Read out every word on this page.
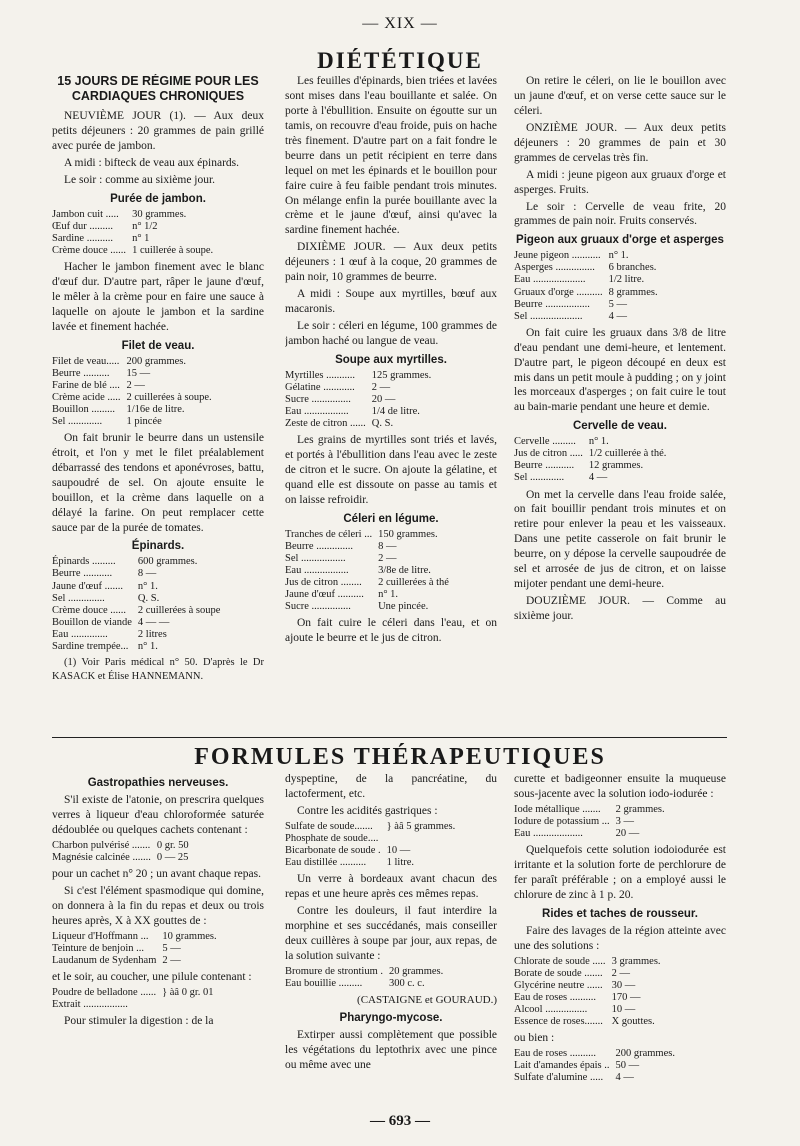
— XIX —
DIÉTÉTIQUE
15 JOURS DE RÉGIME POUR LES CARDIAQUES CHRONIQUES

NEUVIÈME JOUR (1). — Aux deux petits déjeuners : 20 grammes de pain grillé avec purée de jambon.

A midi : bifteck de veau aux épinards.

Le soir : comme au sixième jour.

Purée de jambon.
Jambon cuit .....	30 grammes.
Œuf dur .........	n° 1/2
Sardine ..........	n° 1
Crème douce ......	1 cuillerée à soupe.

Hacher le jambon finement avec le blanc d'œuf dur. D'autre part, râper le jaune d'œuf, le mêler à la crème pour en faire une sauce à laquelle on ajoute le jambon et la sardine lavée et finement hachée.

Filet de veau.
Filet de veau.....	200 grammes.
Beurre ..........	15 —
Farine de blé ....	2 —
Crème acide .....	2 cuillerées à soupe.
Bouillon .........	1/16e de litre.
Sel .............	1 pincée

On fait brunir le beurre dans un ustensile étroit, et l'on y met le filet préalablement débarrassé des tendons et aponévroses, battu, saupoudré de sel. On ajoute ensuite le bouillon, et la crème dans laquelle on a délayé la farine. On peut remplacer cette sauce par de la purée de tomates.

Épinards.
Épinards .........	600 grammes.
Beurre ...........	8 —
Jaune d'œuf .......	n° 1.
Sel ..............	Q. S.
Crème douce ......	2 cuillerées à soupe
Bouillon de viande	4 — —
Eau ..............	2 litres
Sardine trempée...	n° 1.

(1) Voir Paris médical n° 50. D'après le Dr KASACK et Élise HANNEMANN.

Les feuilles d'épinards, bien triées et lavées sont mises dans l'eau bouillante et salée. On porte à l'ébullition. Ensuite on égoutte sur un tamis, on recouvre d'eau froide, puis on hache très finement. D'autre part on a fait fondre le beurre dans un petit récipient en terre dans lequel on met les épinards et le bouillon pour faire cuire à feu faible pendant trois minutes. On mélange enfin la purée bouillante avec la crème et le jaune d'œuf, ainsi qu'avec la sardine finement hachée.

DIXIÈME JOUR. — Aux deux petits déjeuners : 1 œuf à la coque, 20 grammes de pain noir, 10 grammes de beurre.

A midi : Soupe aux myrtilles, bœuf aux macaronis.

Le soir : céleri en légume, 100 grammes de jambon haché ou langue de veau.

Soupe aux myrtilles.
Myrtilles ...........	125 grammes.
Gélatine ............	2 —
Sucre ...............	20 —
Eau .................	1/4 de litre.
Zeste de citron ......	Q. S.

Les grains de myrtilles sont triés et lavés, et portés à l'ébullition dans l'eau avec le zeste de citron et le sucre. On ajoute la gélatine, et quand elle est dissoute on passe au tamis et on laisse refroidir.

Céleri en légume.
Tranches de céleri ...	150 grammes.
Beurre ..............	8 —
Sel .................	2 —
Eau .................	3/8e de litre.
Jus de citron ........	2 cuillerées à thé
Jaune d'œuf ..........	n° 1.
Sucre ...............	Une pincée.

On fait cuire le céleri dans l'eau, et on ajoute le beurre et le jus de citron.

On retire le céleri, on lie le bouillon avec un jaune d'œuf, et on verse cette sauce sur le céleri.

ONZIÈME JOUR. — Aux deux petits déjeuners : 20 grammes de pain et 30 grammes de cervelas très fin.

A midi : jeune pigeon aux gruaux d'orge et asperges. Fruits.

Le soir : Cervelle de veau frite, 20 grammes de pain noir. Fruits conservés.

Pigeon aux gruaux d'orge et asperges
Jeune pigeon ...........	n° 1.
Asperges ...............	6 branches.
Eau ....................	1/2 litre.
Gruaux d'orge ..........	8 grammes.
Beurre .................	5 —
Sel ....................	4 —

On fait cuire les gruaux dans 3/8 de litre d'eau pendant une demi-heure, et lentement. D'autre part, le pigeon découpé en deux est mis dans un petit moule à pudding ; on y joint les morceaux d'asperges ; on fait cuire le tout au bain-marie pendant une heure et demie.

Cervelle de veau.
Cervelle .........	n° 1.
Jus de citron .....	1/2 cuillerée à thé.
Beurre ...........	12 grammes.
Sel .............	4 —

On met la cervelle dans l'eau froide salée, on fait bouillir pendant trois minutes et on retire pour enlever la peau et les vaisseaux. Dans une petite casserole on fait brunir le beurre, on y dépose la cervelle saupoudrée de sel et arrosée de jus de citron, et on laisse mijoter pendant une demi-heure.

DOUZIÈME JOUR. — Comme au sixième jour.

FORMULES THÉRAPEUTIQUES
Gastropathies nerveuses.

S'il existe de l'atonie, on prescrira quelques verres à liqueur d'eau chloroformée saturée dédoublée ou quelques cachets contenant :

Charbon pulvérisé .......	0 gr. 50
Magnésie calcinée .......	0 — 25

pour un cachet n° 20 ; un avant chaque repas.

Si c'est l'élément spasmodique qui domine, on donnera à la fin du repas et deux ou trois heures après, X à XX gouttes de :

Liqueur d'Hoffmann ...	10 grammes.
Teinture de benjoin ...	5 —
Laudanum de Sydenham	2 —

et le soir, au coucher, une pilule contenant :

Poudre de belladone ......	} àâ 0 gr. 01
Extrait .................	

Pour stimuler la digestion : de la

dyspeptine, de la pancréatine, du lactoferment, etc.

Contre les acidités gastriques :

Sulfate de soude.......	} àâ 5 grammes.
Phosphate de soude....	
Bicarbonate de soude .	10 —
Eau distillée ..........	1 litre.

Un verre à bordeaux avant chacun des repas et une heure après ces mêmes repas.

Contre les douleurs, il faut interdire la morphine et ses succédanés, mais conseiller deux cuillères à soupe par jour, aux repas, de la solution suivante :

Bromure de strontium .	20 grammes.
Eau bouillie .........	300 c. c.
(CASTAIGNE et GOURAUD.)
Pharyngo-mycose.

Extirper aussi complètement que possible les végétations du leptothrix avec une pince ou même avec une

curette et badigeonner ensuite la muqueuse sous-jacente avec la solution iodo-iodurée :

Iode métallique .......	2 grammes.
Iodure de potassium ...	3 —
Eau ...................	20 —

Quelquefois cette solution iodoiodurée est irritante et la solution forte de perchlorure de fer paraît préférable ; on a employé aussi le chlorure de zinc à 1 p. 20.

Rides et taches de rousseur.

Faire des lavages de la région atteinte avec une des solutions :

Chlorate de soude .....	3 grammes.
Borate de soude .......	2 —
Glycérine neutre ......	30 —
Eau de roses ..........	170 —
Alcool ................	10 —
Essence de roses.......	X gouttes.

ou bien :

Eau de roses ..........	200 grammes.
Lait d'amandes épais ..	50 —
Sulfate d'alumine .....	4 —
— 693 —
